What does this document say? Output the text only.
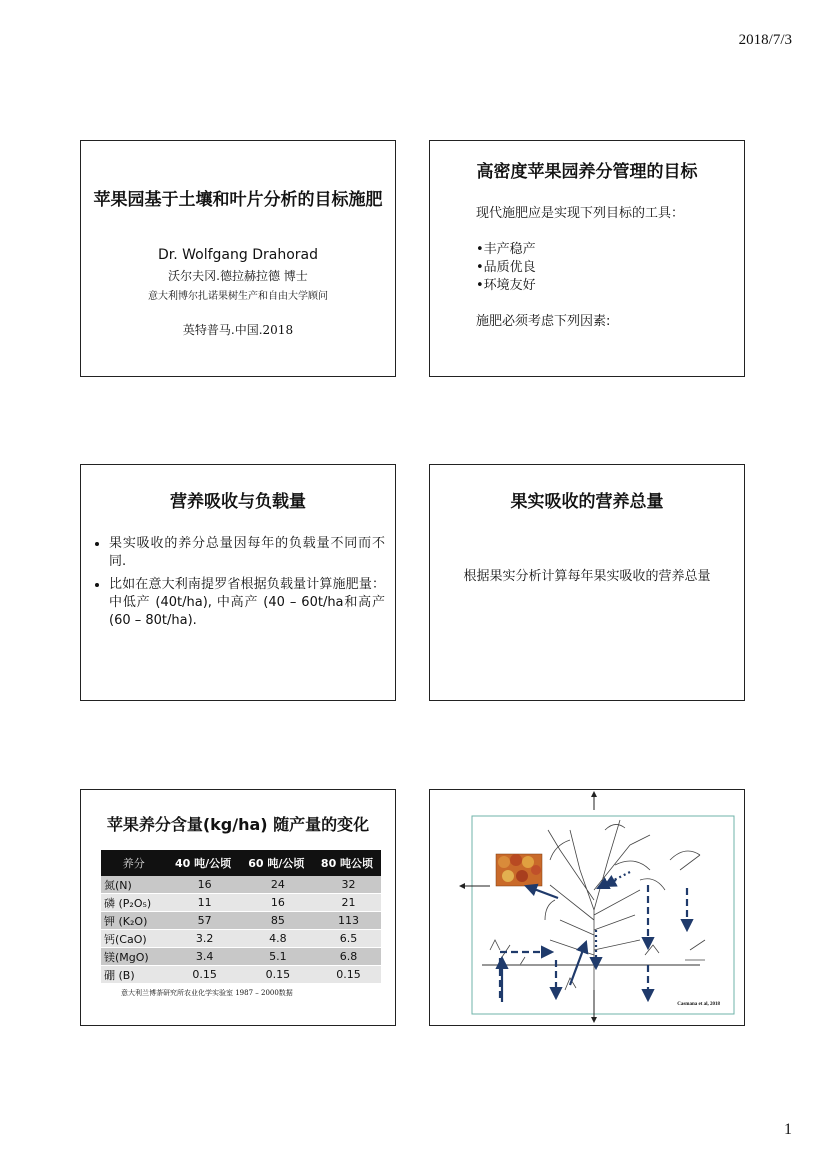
2018/7/3
苹果园基于土壤和叶片分析的目标施肥
Dr. Wolfgang Drahorad
沃尔夫冈.德拉赫拉德 博士
意大利博尔扎诺果树生产和自由大学顾问
英特普马.中国.2018
高密度苹果园养分管理的目标
现代施肥应是实现下列目标的工具：
•丰产稳产
•品质优良
•环境友好
施肥必须考虑下列因素:
营养吸收与负载量
• 果实吸收的养分总量因每年的负载量不同而不同.
• 比如在意大利南提罗省根据负载量计算施肥量： 中低产 (40t/ha), 中高产 (40 – 60t/ha和高产 (60 – 80t/ha).
果实吸收的营养总量
根据果实分析计算每年果实吸收的营养总量
苹果养分含量(kg/ha) 随产量的变化
养分	40 吨/公顷	60 吨/公顷	80 吨公顷
氮(N)	16	24	32
磷 (P₂O₅)	11	16	21
钾 (K₂O)	57	85	113
钙(CaO)	3.2	4.8	6.5
镁(MgO)	3.4	5.1	6.8
硼 (B)	0.15	0.15	0.15
意大利兰博荼研究所农业化学实验室 1987 – 2000数据
Casmana et al, 2018
1
